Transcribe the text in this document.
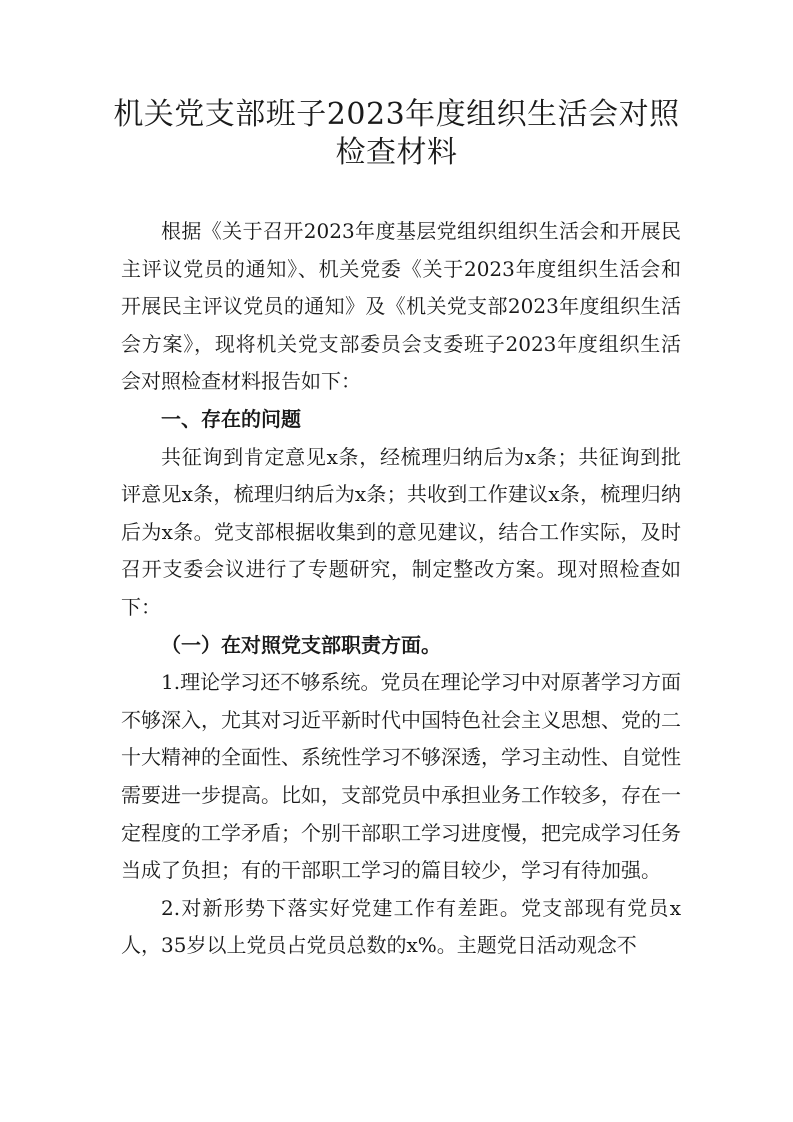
机关党支部班子2023年度组织生活会对照
检查材料

根据《关于召开2023年度基层党组织组织生活会和开展民主评议党员的通知》、机关党委《关于2023年度组织生活会和开展民主评议党员的通知》及《机关党支部2023年度组织生活会方案》，现将机关党支部委员会支委班子2023年度组织生活会对照检查材料报告如下：

一、存在的问题

共征询到肯定意见x条，经梳理归纳后为x条；共征询到批评意见x条，梳理归纳后为x条；共收到工作建议x条，梳理归纳后为x条。党支部根据收集到的意见建议，结合工作实际，及时召开支委会议进行了专题研究，制定整改方案。现对照检查如下：

（一）在对照党支部职责方面。

1.理论学习还不够系统。党员在理论学习中对原著学习方面不够深入，尤其对习近平新时代中国特色社会主义思想、党的二十大精神的全面性、系统性学习不够深透，学习主动性、自觉性需要进一步提高。比如，支部党员中承担业务工作较多，存在一定程度的工学矛盾；个别干部职工学习进度慢，把完成学习任务当成了负担；有的干部职工学习的篇目较少，学习有待加强。

2.对新形势下落实好党建工作有差距。党支部现有党员x人，35岁以上党员占党员总数的x%。主题党日活动观念不
